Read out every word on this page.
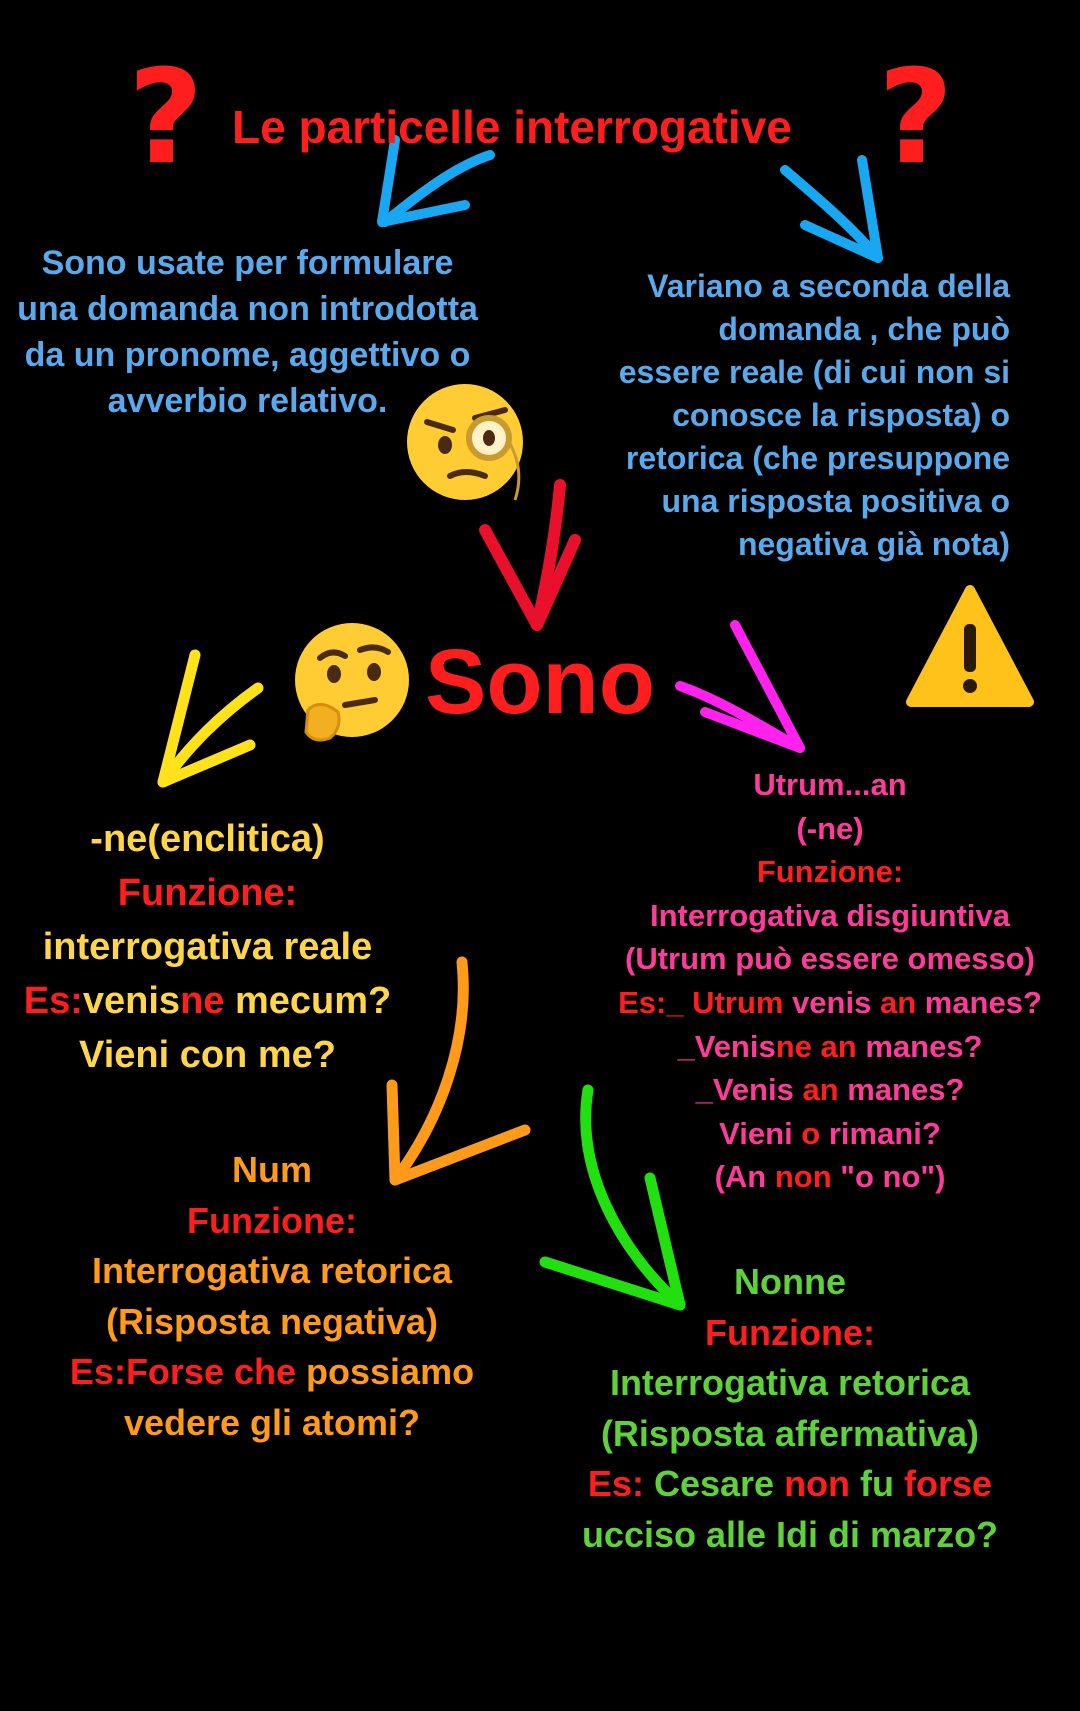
?	?
Le particelle interrogative
Sono usate per formulare
una domanda non introdotta
da un pronome, aggettivo o
avverbio relativo.
Variano a seconda della
domanda , che può
essere reale (di cui non si
conosce la risposta) o
retorica (che presuppone
una risposta positiva o
negativa già nota)
Sono
-ne(enclitica)
Funzione:
interrogativa reale
Es:venisne mecum?
Vieni con me?
Utrum...an
(-ne)
Funzione:
Interrogativa disgiuntiva
(Utrum può essere omesso)
Es:_ Utrum venis an manes?
_Venisne an manes?
_Venis an manes?
Vieni o rimani?
(An non "o no")
Num
Funzione:
Interrogativa retorica
(Risposta negativa)
Es:Forse che possiamo
vedere gli atomi?
Nonne
Funzione:
Interrogativa retorica
(Risposta affermativa)
Es: Cesare non fu forse
ucciso alle Idi di marzo?
